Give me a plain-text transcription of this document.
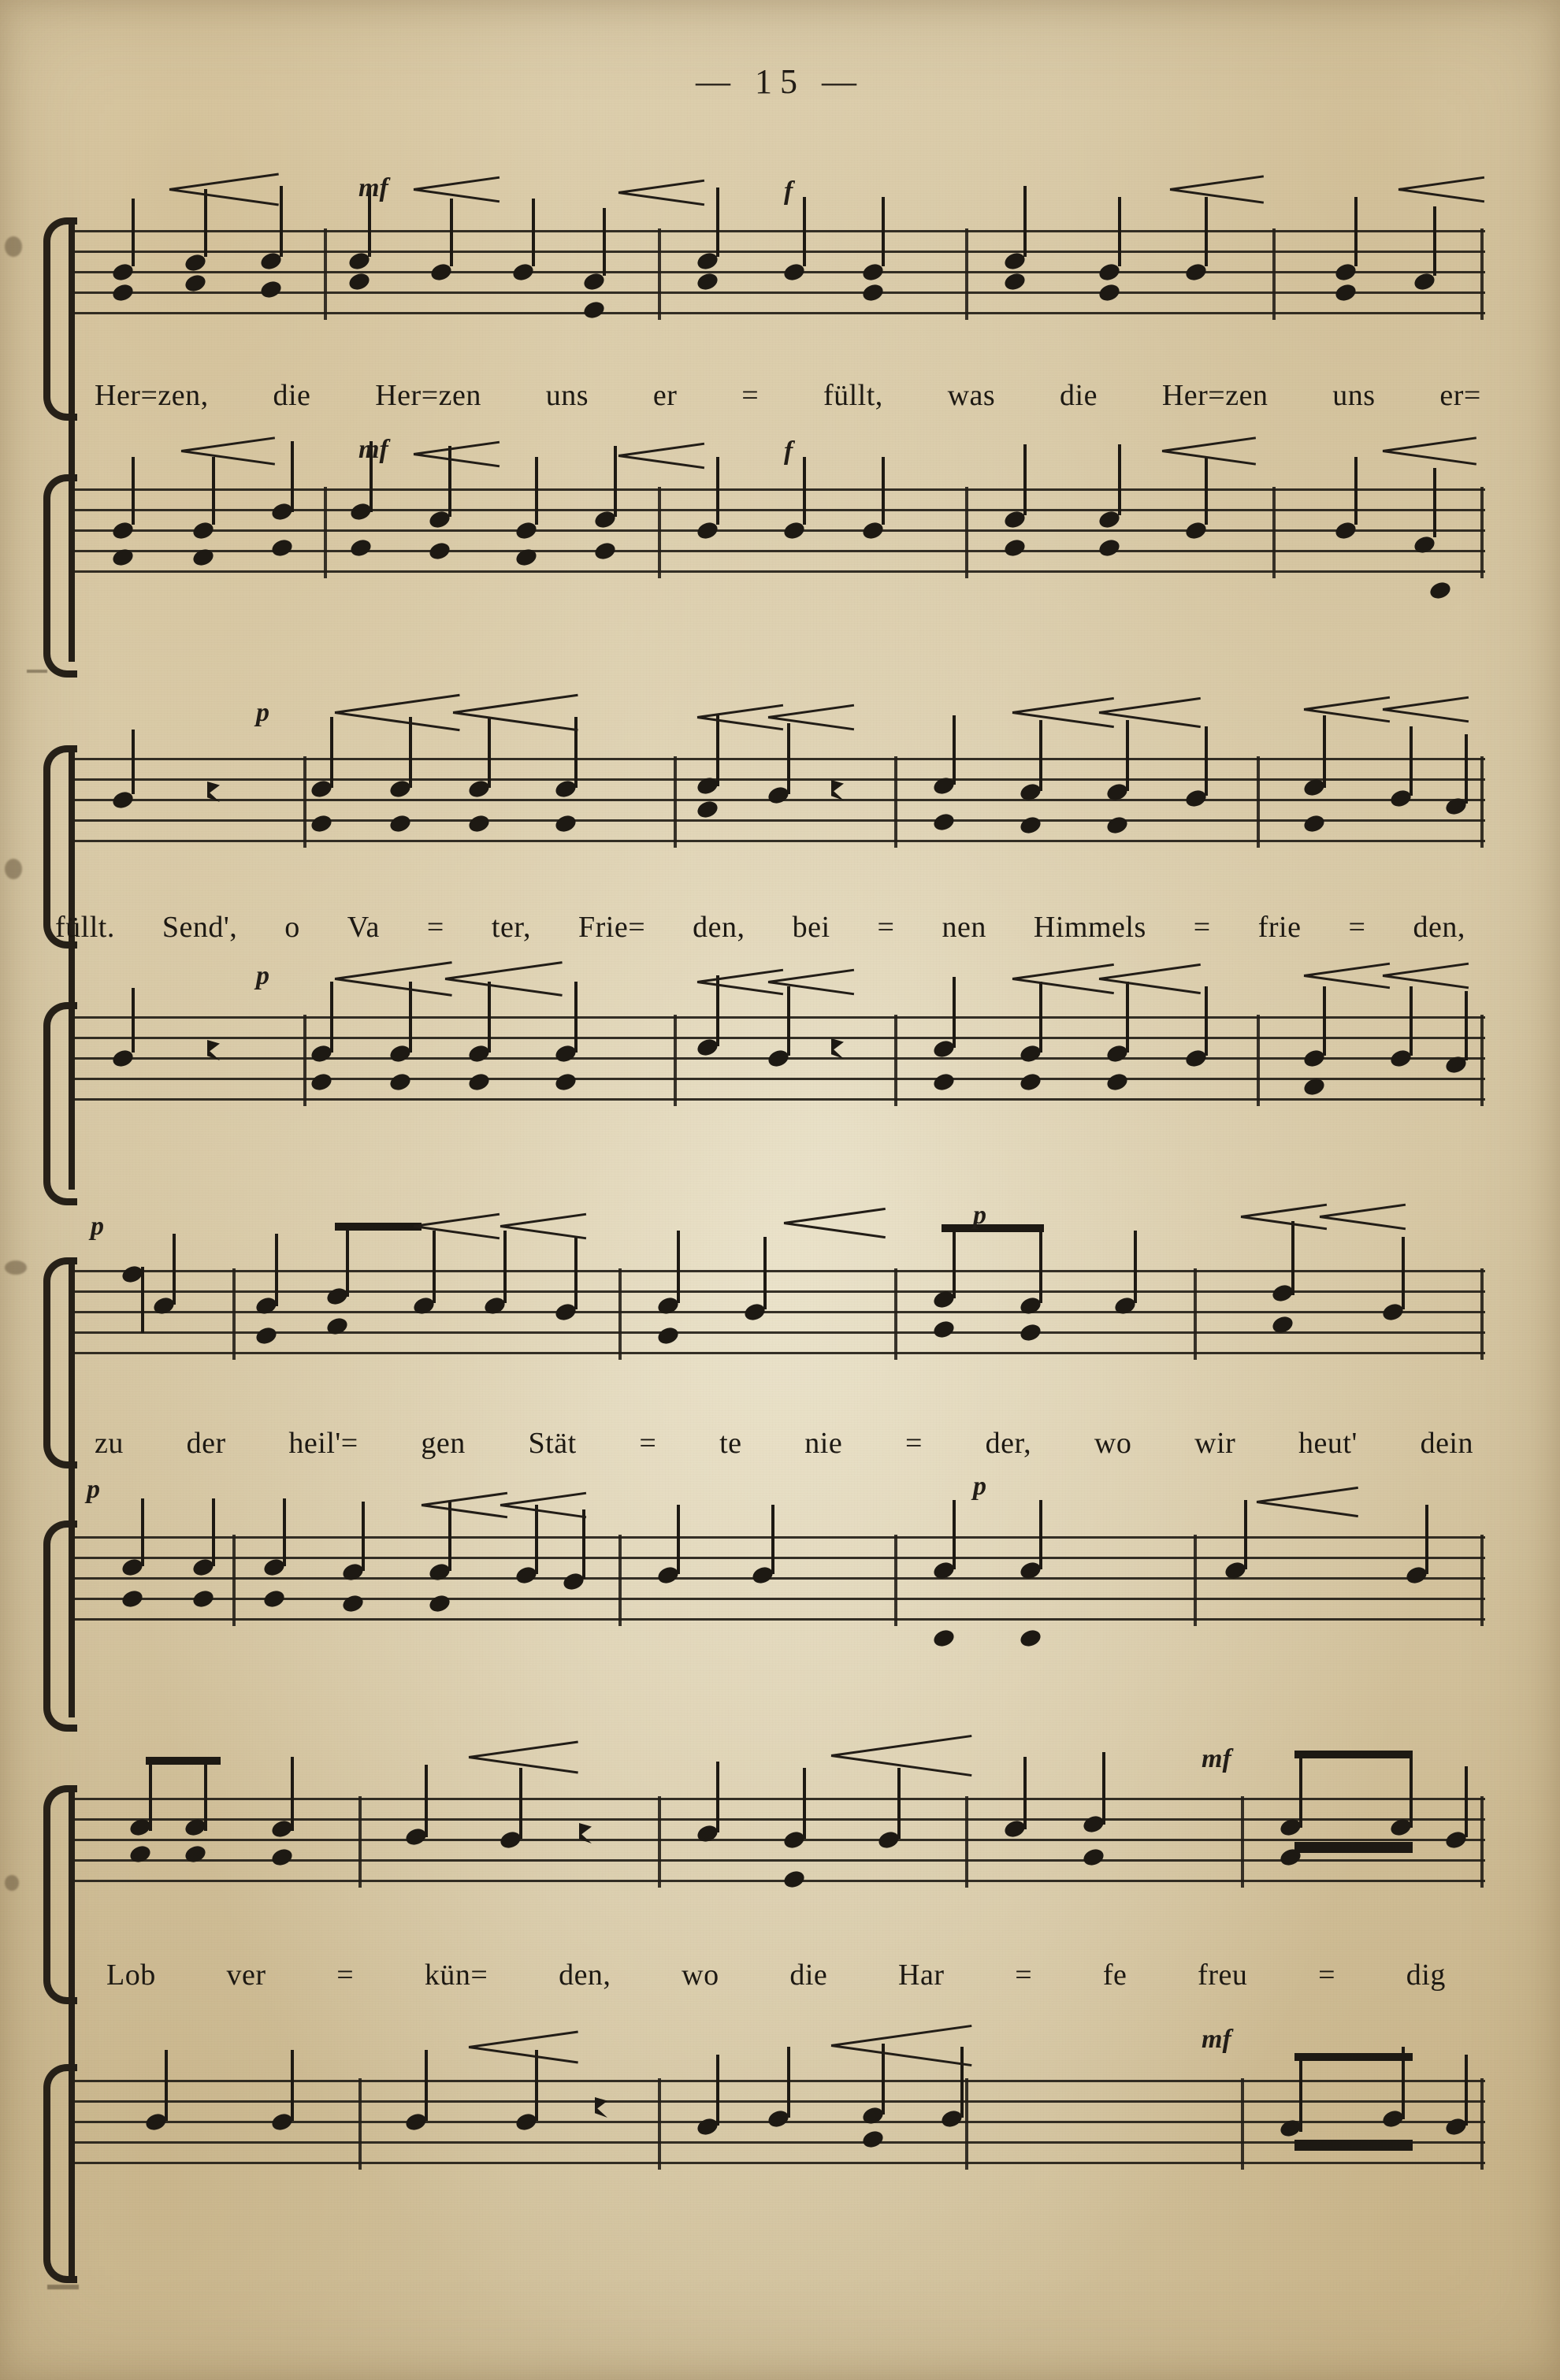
— 15 —
mf	f
Her=zen, die Her=zen uns er = füllt, was die Her=zen uns er=
mf	f
p
füllt. Send', o Va = ter, Frie= den, bei = nen Himmels = frie = den,
p
p	p
zu der heil'= gen Stät = te nie = der, wo wir heut' dein
p	p
mf
Lob ver = kün= den, wo die Har = fe freu = dig
mf
